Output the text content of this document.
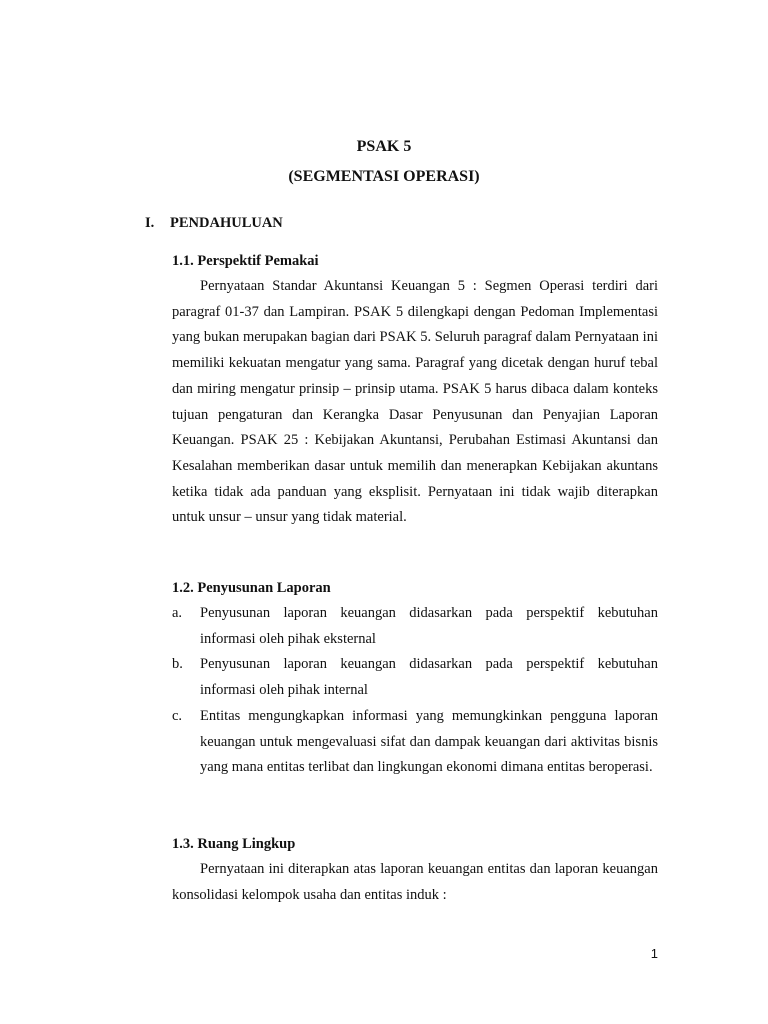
PSAK 5
(SEGMENTASI OPERASI)
I. PENDAHULUAN
1.1. Perspektif Pemakai

Pernyataan Standar Akuntansi Keuangan 5 : Segmen Operasi terdiri dari paragraf 01-37 dan Lampiran. PSAK 5 dilengkapi dengan Pedoman Implementasi yang bukan merupakan bagian dari PSAK 5. Seluruh paragraf dalam Pernyataan ini memiliki kekuatan mengatur yang sama. Paragraf yang dicetak dengan huruf tebal dan miring mengatur prinsip – prinsip utama. PSAK 5 harus dibaca dalam konteks tujuan pengaturan dan Kerangka Dasar Penyusunan dan Penyajian Laporan Keuangan. PSAK 25 : Kebijakan Akuntansi, Perubahan Estimasi Akuntansi dan Kesalahan memberikan dasar untuk memilih dan menerapkan Kebijakan akuntans ketika tidak ada panduan yang eksplisit. Pernyataan ini tidak wajib diterapkan untuk unsur – unsur yang tidak material.

1.2. Penyusunan Laporan
a. Penyusunan laporan keuangan didasarkan pada perspektif kebutuhan informasi oleh pihak eksternal
b. Penyusunan laporan keuangan didasarkan pada perspektif kebutuhan informasi oleh pihak internal
c. Entitas mengungkapkan informasi yang memungkinkan pengguna laporan keuangan untuk mengevaluasi sifat dan dampak keuangan dari aktivitas bisnis yang mana entitas terlibat dan lingkungan ekonomi dimana entitas beroperasi.
1.3. Ruang Lingkup

Pernyataan ini diterapkan atas laporan keuangan entitas dan laporan keuangan konsolidasi kelompok usaha dan entitas induk :

1
